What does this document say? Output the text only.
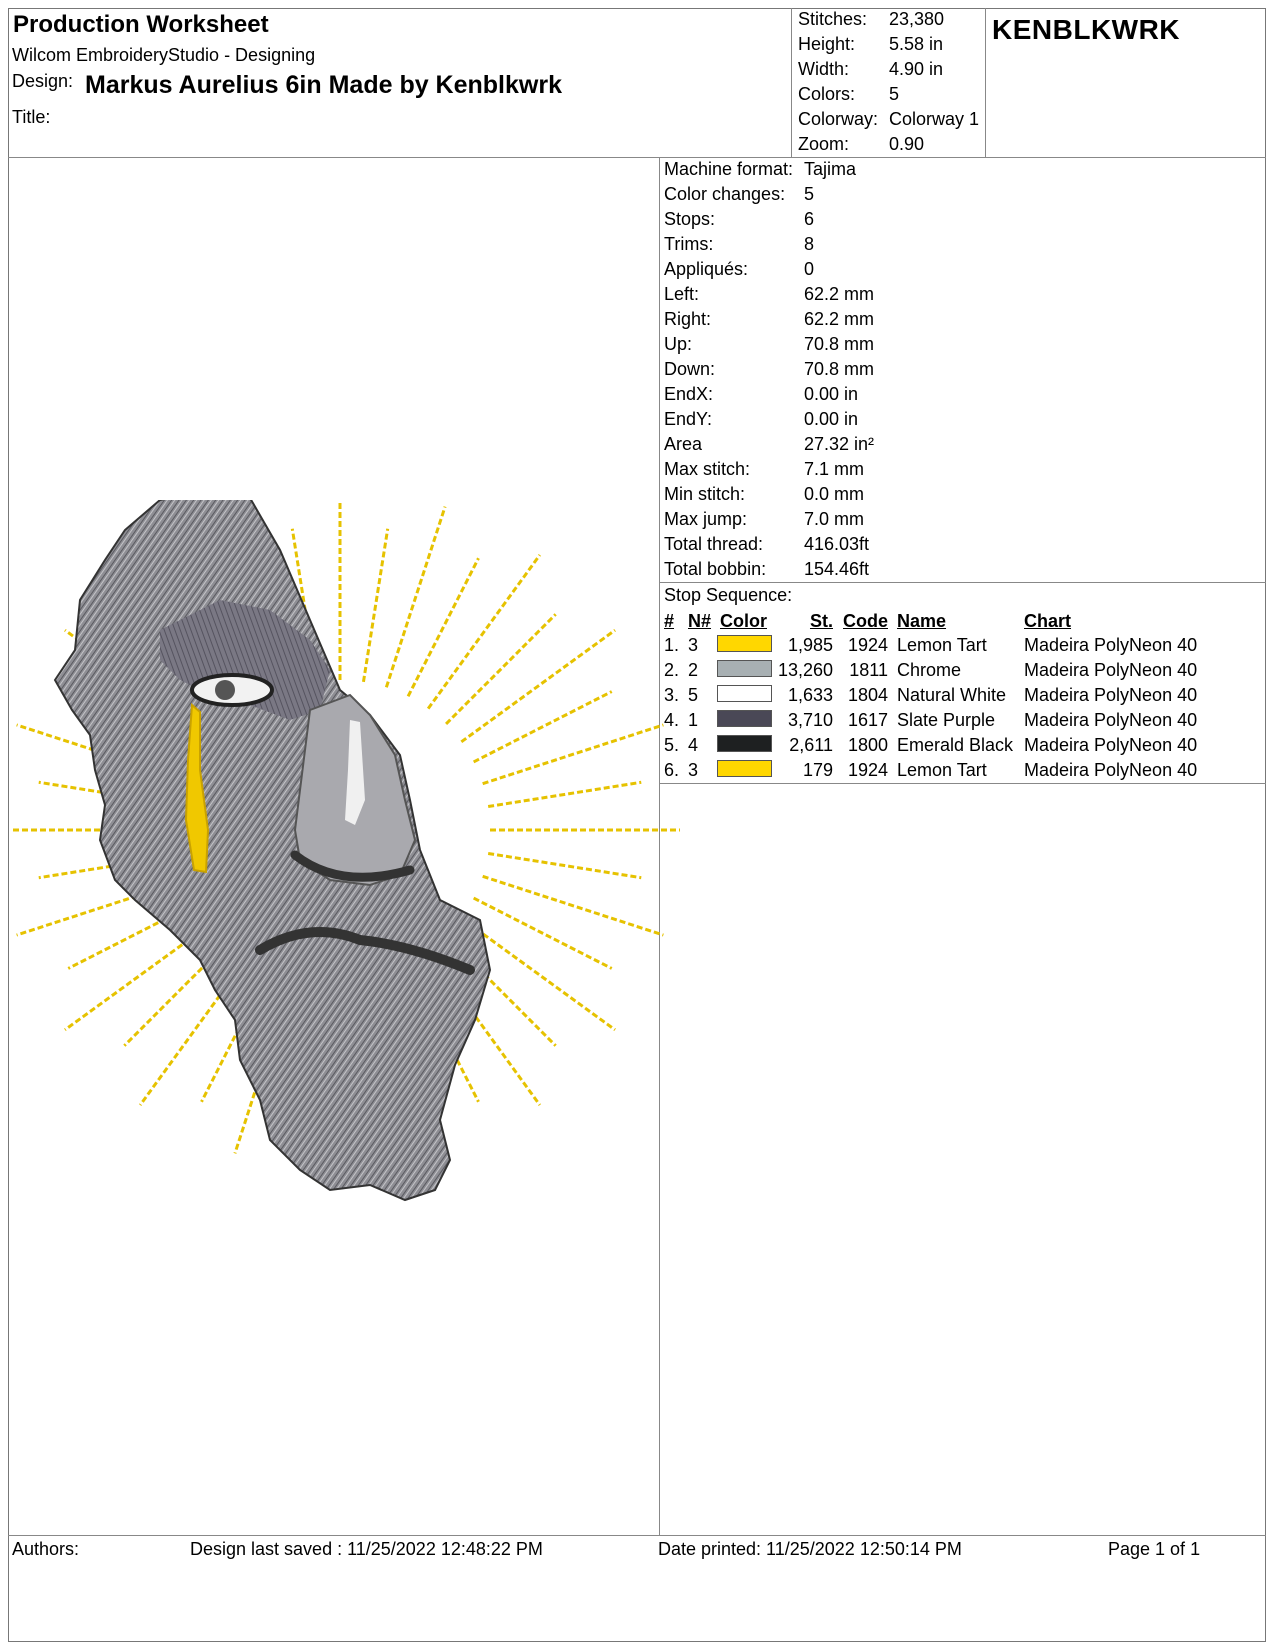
Production Worksheet
Wilcom EmbroideryStudio - Designing
Design: Markus Aurelius 6in Made by Kenblkwrk
Title:
Stitches: 23,380
Height: 5.58 in
Width: 4.90 in
Colors: 5
Colorway: Colorway 1
Zoom: 0.90
KENBLKWRK
Machine format: Tajima
Color changes: 5
Stops:	6
Trims:	8
Appliqués:	0
Left:	62.2 mm
Right:	62.2 mm
Up:	70.8 mm
Down:	70.8 mm
EndX:	0.00 in
EndY:	0.00 in
Area	27.32 in²
Max stitch:	7.1 mm
Min stitch:	0.0 mm
Max jump:	7.0 mm
Total thread: 416.03ft
Total bobbin: 154.46ft
Stop Sequence:
# N# Color	St. Code Name	Chart
1. 3	1,985 1924 Lemon Tart Madeira PolyNeon 40
2. 2	13,260 1811 Chrome	Madeira PolyNeon 40
3. 5	1,633 1804 Natural White Madeira PolyNeon 40
4. 1	3,710 1617 Slate Purple Madeira PolyNeon 40
5. 4	2,611 1800 Emerald Black Madeira PolyNeon 40
6. 3	179 1924 Lemon Tart Madeira PolyNeon 40
Authors:	Design last saved : 11/25/2022 12:48:22 PM	Date printed: 11/25/2022 12:50:14 PM	Page 1 of 1
